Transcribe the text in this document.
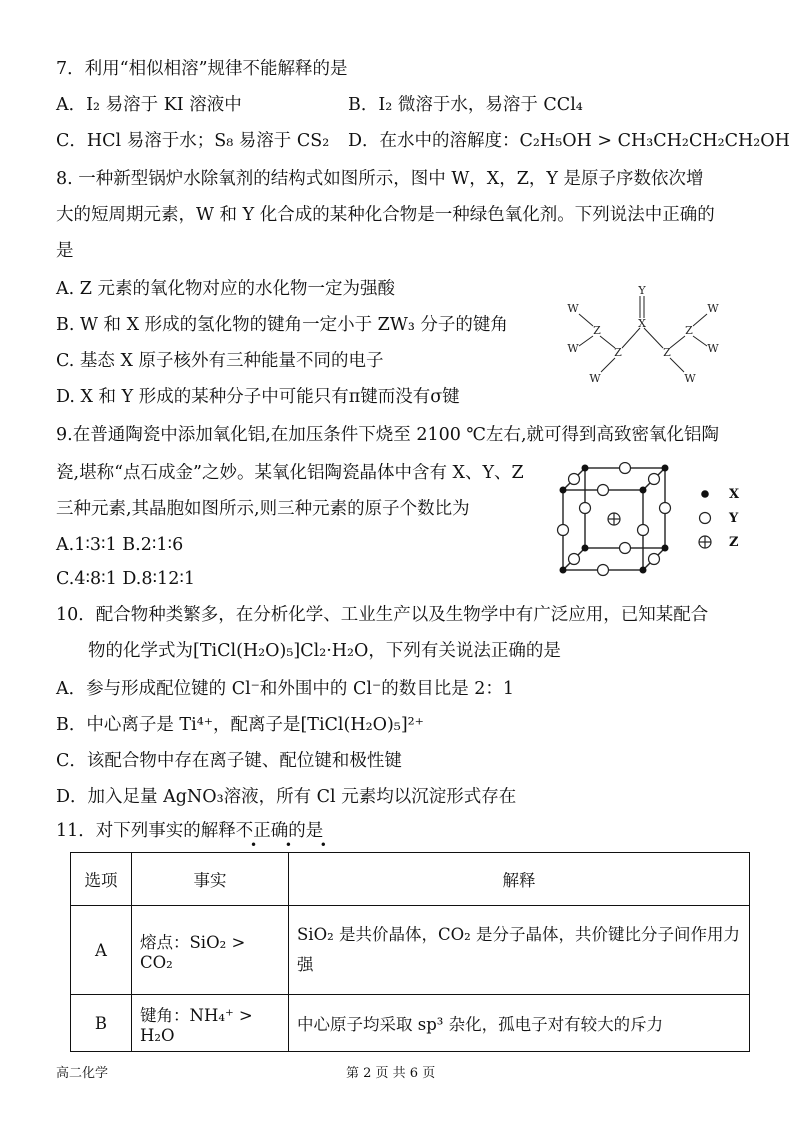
7．利用“相似相溶”规律不能解释的是
A．I₂ 易溶于 KI 溶液中	B．I₂ 微溶于水，易溶于 CCl₄
C．HCl 易溶于水；S₈ 易溶于 CS₂ D．在水中的溶解度：C₂H₅OH > CH₃CH₂CH₂CH₂OH
8. 一种新型锅炉水除氧剂的结构式如图所示，图中 W，X，Z，Y 是原子序数依次增
大的短周期元素，W 和 Y 化合成的某种化合物是一种绿色氧化剂。下列说法中正确的
是
A. Z 元素的氧化物对应的水化物一定为强酸
B. W 和 X 形成的氢化物的键角一定小于 ZW₃ 分子的键角
C. 基态 X 原子核外有三种能量不同的电子
D. X 和 Y 形成的某种分子中可能只有π键而没有σ键
Y
X
Z	Z
Z	Z
W
W
W
W
W	W
9.在普通陶瓷中添加氧化铝,在加压条件下烧至 2100 ℃左右,就可得到高致密氧化铝陶
瓷,堪称“点石成金”之妙。某氧化铝陶瓷晶体中含有 X、Y、Z
三种元素,其晶胞如图所示,则三种元素的原子个数比为
A.1∶3∶1 B.2∶1∶6
C.4∶8∶1 D.8∶12∶1
X
Y
Z
10．配合物种类繁多，在分析化学、工业生产以及生物学中有广泛应用，已知某配合
物的化学式为[TiCl(H₂O)₅]Cl₂·H₂O，下列有关说法正确的是
A．参与形成配位键的 Cl⁻和外围中的 Cl⁻的数目比是 2：1
B．中心离子是 Ti⁴⁺，配离子是[TiCl(H₂O)₅]²⁺
C．该配合物中存在离子键、配位键和极性键
D．加入足量 AgNO₃溶液，所有 Cl 元素均以沉淀形式存在
11．对下列事实的解释不正确的是
• • •
选项	事实	解释
A	熔点：SiO₂ > CO₂	SiO₂ 是共价晶体，CO₂ 是分子晶体，共价键比分子间作用力强
B	键角：NH₄⁺ > H₂O	中心原子均采取 sp³ 杂化，孤电子对有较大的斥力
高二化学	第 2 页 共 6 页
